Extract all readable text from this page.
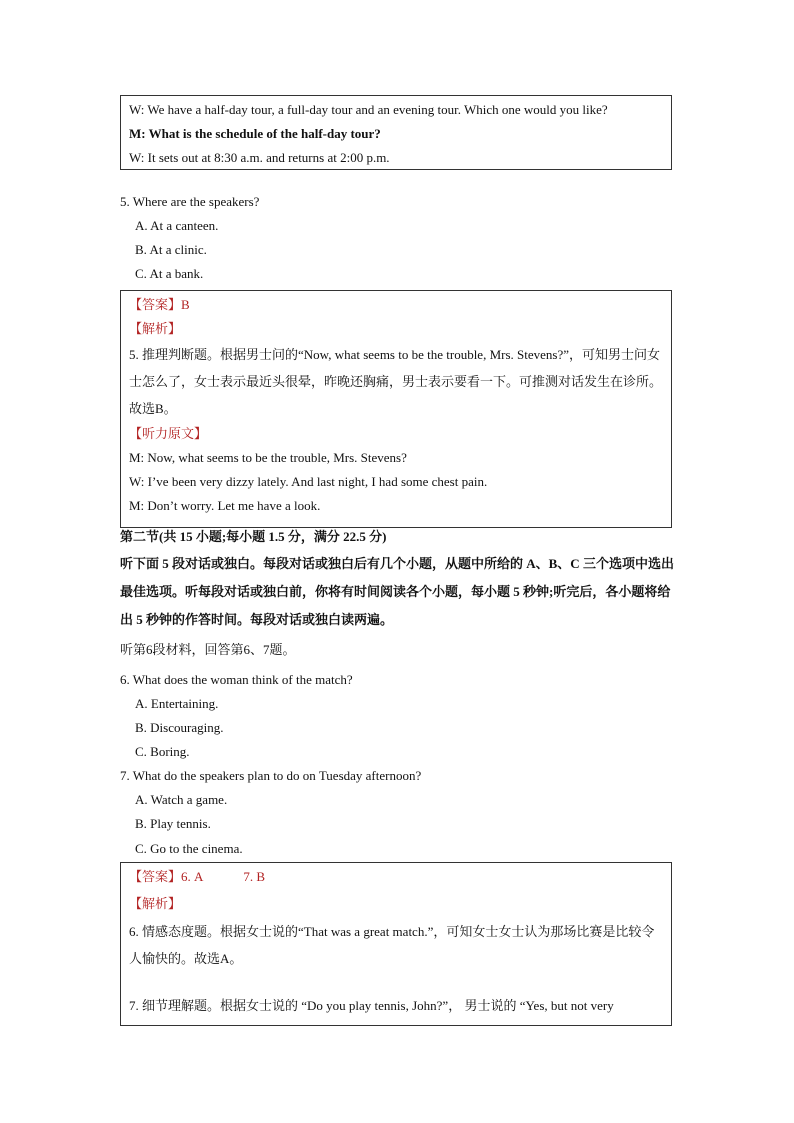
W: We have a half-day tour, a full-day tour and an evening tour. Which one would you like?
M: What is the schedule of the half-day tour?
W: It sets out at 8:30 a.m. and returns at 2:00 p.m.
5. Where are the speakers?
A. At a canteen.
B. At a clinic.
C. At a bank.
【答案】B
【解析】
5. 推理判断题。根据男士问的“Now, what seems to be the trouble, Mrs. Stevens?”，可知男士问女士怎么了，女士表示最近头很晕，昨晚还胸痛，男士表示要看一下。可推测对话发生在诊所。故选B。
【听力原文】
M: Now, what seems to be the trouble, Mrs. Stevens?
W: I’ve been very dizzy lately. And last night, I had some chest pain.
M: Don’t worry. Let me have a look.
第二节(共 15 小题;每小题 1.5 分，满分 22.5 分)
听下面 5 段对话或独白。每段对话或独白后有几个小题，从题中所给的 A、B、C 三个选项中选出最佳选项。听每段对话或独白前，你将有时间阅读各个小题，每小题 5 秒钟;听完后，各小题将给出 5 秒钟的作答时间。每段对话或独白读两遍。
听第6段材料，回答第6、7题。
6. What does the woman think of the match?
A. Entertaining.
B. Discouraging.
C. Boring.
7. What do the speakers plan to do on Tuesday afternoon?
A. Watch a game.
B. Play tennis.
C. Go to the cinema.
【答案】6. A	7. B
【解析】
6. 情感态度题。根据女士说的“That was a great match.”，可知女士女士认为那场比赛是比较令人愉快的。故选A。
7. 细节理解题。根据女士说的 “Do you play tennis, John?”， 男士说的 “Yes, but not very
